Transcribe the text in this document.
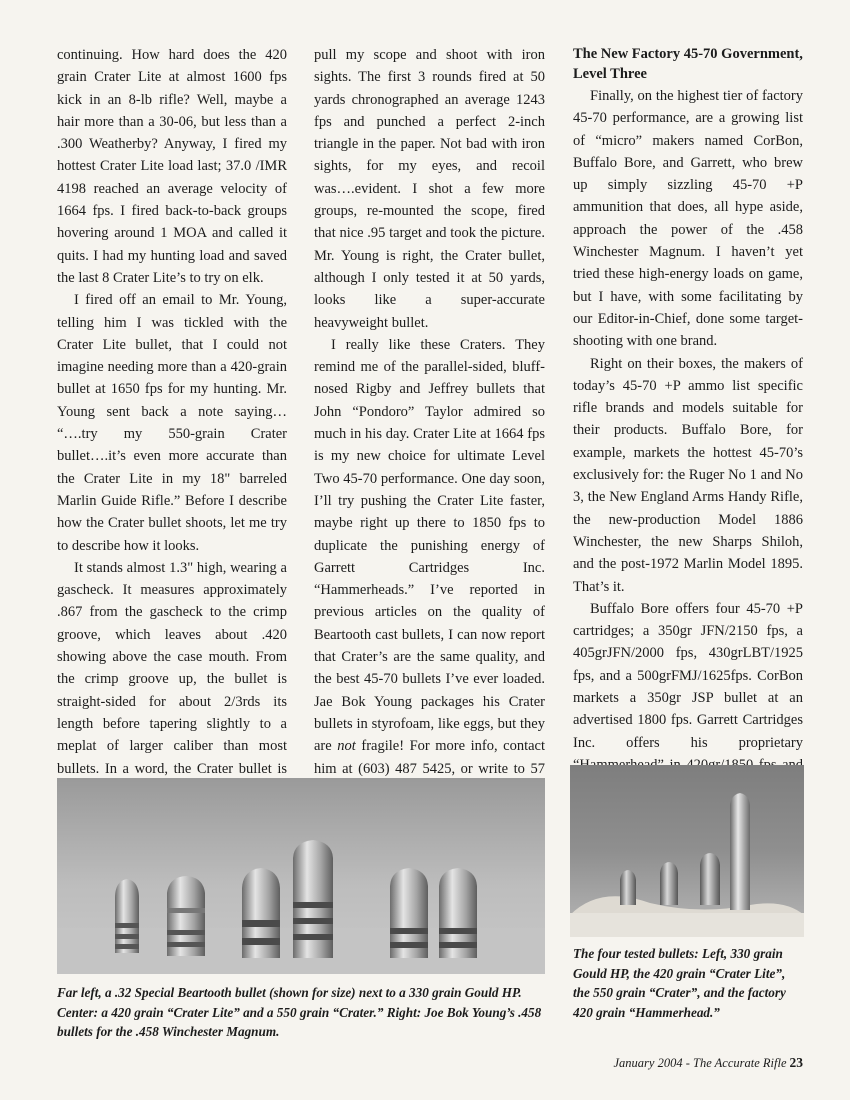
continuing. How hard does the 420 grain Crater Lite at almost 1600 fps kick in an 8-lb rifle? Well, maybe a hair more than a 30-06, but less than a .300 Weatherby? Anyway, I fired my hottest Crater Lite load last; 37.0 /IMR 4198 reached an average velocity of 1664 fps. I fired back-to-back groups hovering around 1 MOA and called it quits. I had my hunting load and saved the last 8 Crater Lite’s to try on elk.

I fired off an email to Mr. Young, telling him I was tickled with the Crater Lite bullet, that I could not imagine needing more than a 420-grain bullet at 1650 fps for my hunting. Mr. Young sent back a note saying… “….try my 550-grain Crater bullet….it’s even more accurate than the Crater Lite in my 18" barreled Marlin Guide Rifle.” Before I describe how the Crater bullet shoots, let me try to describe how it looks.

It stands almost 1.3" high, wearing a gascheck. It measures approximately .867 from the gascheck to the crimp groove, which leaves about .420 showing above the case mouth. From the crimp groove up, the bullet is straight-sided for about 2/3rds its length before tapering slightly to a meplat of larger caliber than most bullets. In a word, the Crater bullet is

pull my scope and shoot with iron sights. The first 3 rounds fired at 50 yards chronographed an average 1243 fps and punched a perfect 2-inch triangle in the paper. Not bad with iron sights, for my eyes, and recoil was….evident. I shot a few more groups, re-mounted the scope, fired that nice .95 target and took the picture. Mr. Young is right, the Crater bullet, although I only tested it at 50 yards, looks like a super-accurate heavyweight bullet.

I really like these Craters. They remind me of the parallel-sided, bluff-nosed Rigby and Jeffrey bullets that John “Pondoro” Taylor admired so much in his day. Crater Lite at 1664 fps is my new choice for ultimate Level Two 45-70 performance. One day soon, I’ll try pushing the Crater Lite faster, maybe right up there to 1850 fps to duplicate the punishing energy of Garrett Cartridges Inc. “Hammerheads.” I’ve reported in previous articles on the quality of Beartooth cast bullets, I can now report that Crater’s are the same quality, and the best 45-70 bullets I’ve ever loaded. Jae Bok Young packages his Crater bullets in styrofoam, like eggs, but they are not fragile! For more info, contact him at (603) 487 5425, or write to 57

The New Factory 45-70 Government, Level Three

Finally, on the highest tier of factory 45-70 performance, are a growing list of “micro” makers named CorBon, Buffalo Bore, and Garrett, who brew up simply sizzling 45-70 +P ammunition that does, all hype aside, approach the power of the .458 Winchester Magnum. I haven’t yet tried these high-energy loads on game, but I have, with some facilitating by our Editor-in-Chief, done some target-shooting with one brand.

Right on their boxes, the makers of today’s 45-70 +P ammo list specific rifle brands and models suitable for their products. Buffalo Bore, for example, markets the hottest 45-70’s exclusively for: the Ruger No 1 and No 3, the New England Arms Handy Rifle, the new-production Model 1886 Winchester, the new Sharps Shiloh, and the post-1972 Marlin Model 1895. That’s it.

Buffalo Bore offers four 45-70 +P cartridges; a 350gr JFN/2150 fps, a 405grJFN/2000 fps, 430grLBT/1925 fps, and a 500grFMJ/1625fps. CorBon markets a 350gr JSP bullet at an advertised 1800 fps. Garrett Cartridges Inc. offers his proprietary

Far left, a .32 Special Beartooth bullet (shown for size) next to a 330 grain Gould HP. Center: a 420 grain “Crater Lite” and a 550 grain “Crater.” Right: Joe Bok Young’s .458 bullets for the .458 Winchester Magnum.
The four tested bullets: Left, 330 grain Gould HP, the 420 grain “Crater Lite”, the 550 grain “Crater”, and the factory 420 grain “Hammerhead.”
January 2004 - The Accurate Rifle 23
